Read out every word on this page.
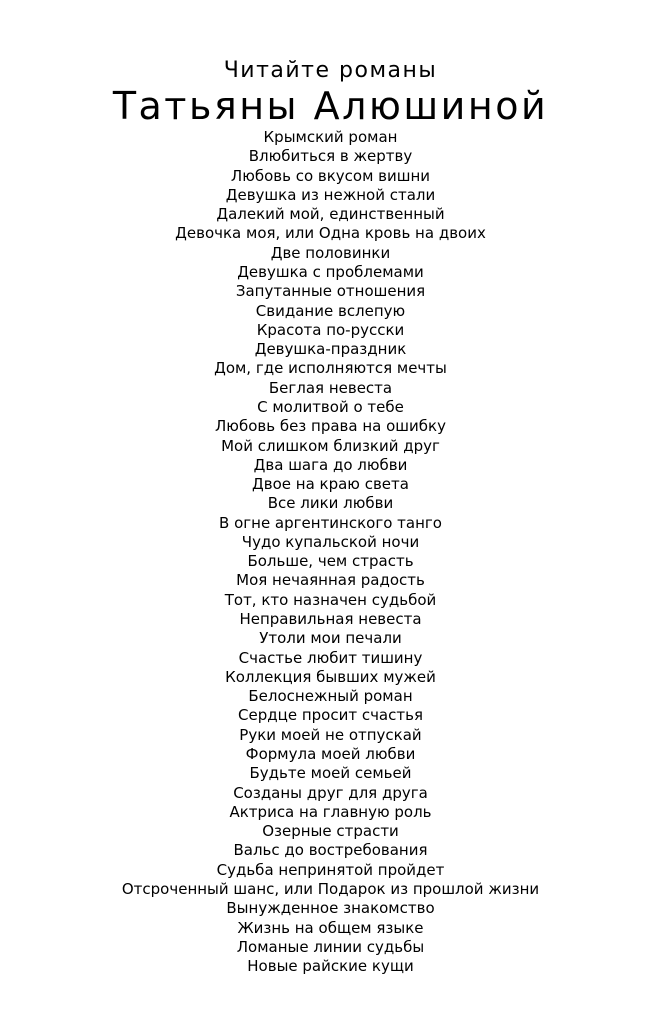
Читайте романы
Татьяны Алюшиной
Крымский роман
Влюбиться в жертву
Любовь со вкусом вишни
Девушка из нежной стали
Далекий мой, единственный
Девочка моя, или Одна кровь на двоих
Две половинки
Девушка с проблемами
Запутанные отношения
Свидание вслепую
Красота по-русски
Девушка-праздник
Дом, где исполняются мечты
Беглая невеста
С молитвой о тебе
Любовь без права на ошибку
Мой слишком близкий друг
Два шага до любви
Двое на краю света
Все лики любви
В огне аргентинского танго
Чудо купальской ночи
Больше, чем страсть
Моя нечаянная радость
Тот, кто назначен судьбой
Неправильная невеста
Утоли мои печали
Счастье любит тишину
Коллекция бывших мужей
Белоснежный роман
Сердце просит счастья
Руки моей не отпускай
Формула моей любви
Будьте моей семьей
Созданы друг для друга
Актриса на главную роль
Озерные страсти
Вальс до востребования
Судьба непринятой пройдет
Отсроченный шанс, или Подарок из прошлой жизни
Вынужденное знакомство
Жизнь на общем языке
Ломаные линии судьбы
Новые райские кущи
